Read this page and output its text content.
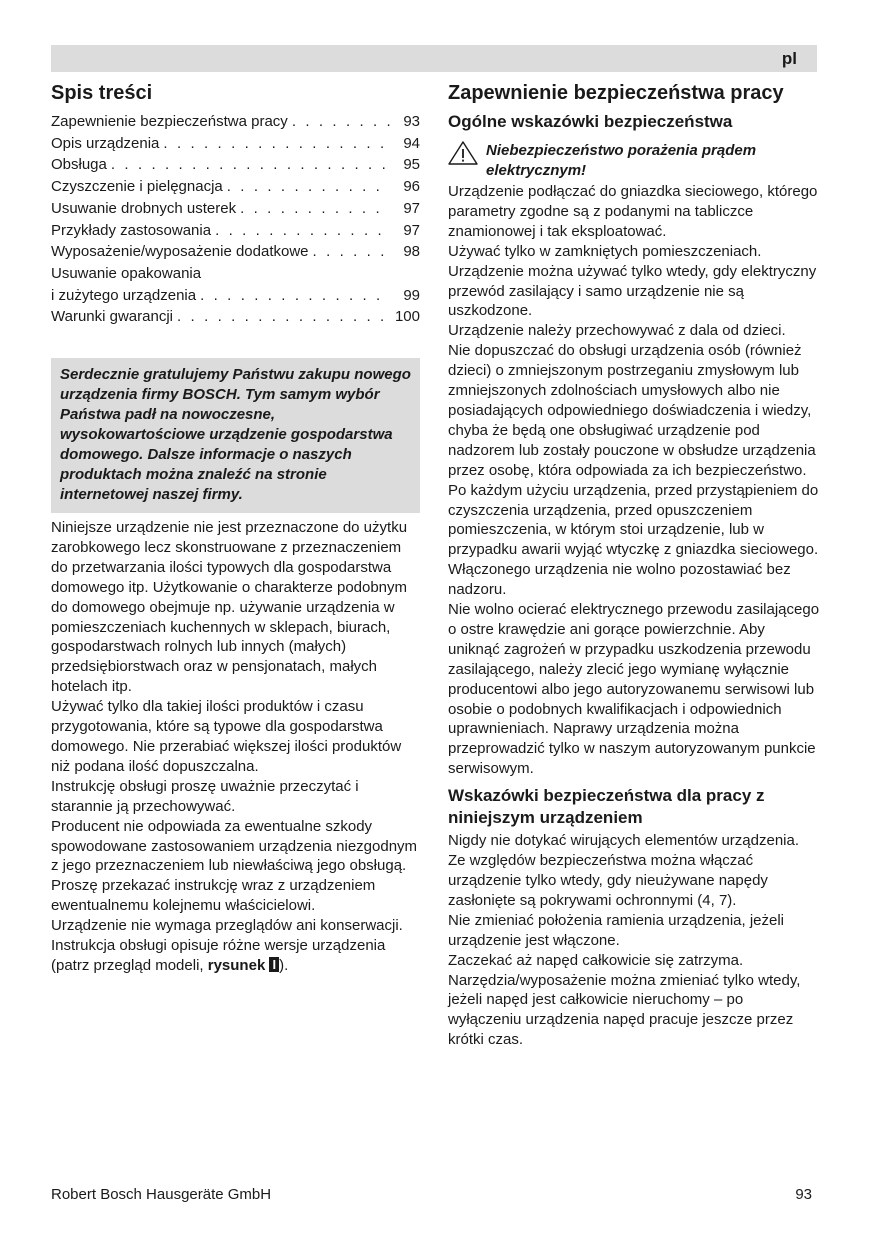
pl
Spis treści
Zapewnienie bezpieczeństwa pracy . . .	93
Opis urządzenia . . .	94
Obsługa . . .	95
Czyszczenie i pielęgnacja . . .	96
Usuwanie drobnych usterek . . .	97
Przykłady zastosowania . . .	97
Wyposażenie/wyposażenie dodatkowe . . .	98
Usuwanie opakowania
i zużytego urządzenia . . .	99
Warunki gwarancji . . .	100
Serdecznie gratulujemy Państwu zakupu nowego urządzenia firmy BOSCH. Tym samym wybór Państwa padł na nowoczesne, wysokowartościowe urządzenie gospodarstwa domowego. Dalsze informacje o naszych produktach można znaleźć na stronie internetowej naszej firmy.

Niniejsze urządzenie nie jest przeznaczone do użytku zarobkowego lecz skonstruowane z przeznaczeniem do przetwarzania ilości typowych dla gospodarstwa domowego itp. Użytkowanie o charakterze podobnym do domowego obejmuje np. używanie urządzenia w pomieszczeniach kuchennych w sklepach, biurach, gospodarstwach rolnych lub innych (małych) przedsiębiorstwach oraz w pensjonatach, małych hotelach itp.

Używać tylko dla takiej ilości produktów i czasu przygotowania, które są typowe dla gospodarstwa domowego. Nie przerabiać większej ilości produktów niż podana ilość dopuszczalna.

Instrukcję obsługi proszę uważnie przeczytać i starannie ją przechowywać.

Producent nie odpowiada za ewentualne szkody spowodowane zastosowaniem urządzenia niezgodnym z jego przeznaczeniem lub niewłaściwą jego obsługą.

Proszę przekazać instrukcję wraz z urządzeniem ewentualnemu kolejnemu właścicielowi.

Urządzenie nie wymaga przeglądów ani konserwacji.

Instrukcja obsługi opisuje różne wersje urządzenia (patrz przegląd modeli, rysunek I ).

Zapewnienie bezpieczeństwa pracy
Ogólne wskazówki bezpieczeństwa
Niebezpieczeństwo porażenia prądem elektrycznym!

Urządzenie podłączać do gniazdka sieciowego, którego parametry zgodne są z podanymi na tabliczce znamionowej i tak eksploatować.

Używać tylko w zamkniętych pomieszczeniach.

Urządzenie można używać tylko wtedy, gdy elektryczny przewód zasilający i samo urządzenie nie są uszkodzone.

Urządzenie należy przechowywać z dala od dzieci.

Nie dopuszczać do obsługi urządzenia osób (również dzieci) o zmniejszonym postrzeganiu zmysłowym lub zmniejszonych zdolnościach umysłowych albo nie posiadających odpowiedniego doświadczenia i wiedzy, chyba że będą one obsługiwać urządzenie pod nadzorem lub zostały pouczone w obsłudze urządzenia przez osobę, która odpowiada za ich bezpieczeństwo.

Po każdym użyciu urządzenia, przed przystąpieniem do czyszczenia urządzenia, przed opuszczeniem pomieszczenia, w którym stoi urządzenie, lub w przypadku awarii wyjąć wtyczkę z gniazdka sieciowego.

Włączonego urządzenia nie wolno pozostawiać bez nadzoru.

Nie wolno ocierać elektrycznego przewodu zasilającego o ostre krawędzie ani gorące powierzchnie. Aby uniknąć zagrożeń w przypadku uszkodzenia przewodu zasilającego, należy zlecić jego wymianę wyłącznie producentowi albo jego autoryzowanemu serwisowi lub osobie o podobnych kwalifikacjach i odpowiednich uprawnieniach. Naprawy urządzenia można przeprowadzić tylko w naszym autoryzowanym punkcie serwisowym.

Wskazówki bezpieczeństwa dla pracy z niniejszym urządzeniem

Nigdy nie dotykać wirujących elementów urządzenia.

Ze względów bezpieczeństwa można włączać urządzenie tylko wtedy, gdy nieużywane napędy zasłonięte są pokrywami ochronnymi (4, 7).

Nie zmieniać położenia ramienia urządzenia, jeżeli urządzenie jest włączone.

Zaczekać aż napęd całkowicie się zatrzyma.

Narzędzia/wyposażenie można zmieniać tylko wtedy, jeżeli napęd jest całkowicie nieruchomy – po wyłączeniu urządzenia napęd pracuje jeszcze przez krótki czas.

Robert Bosch Hausgeräte GmbH	93
